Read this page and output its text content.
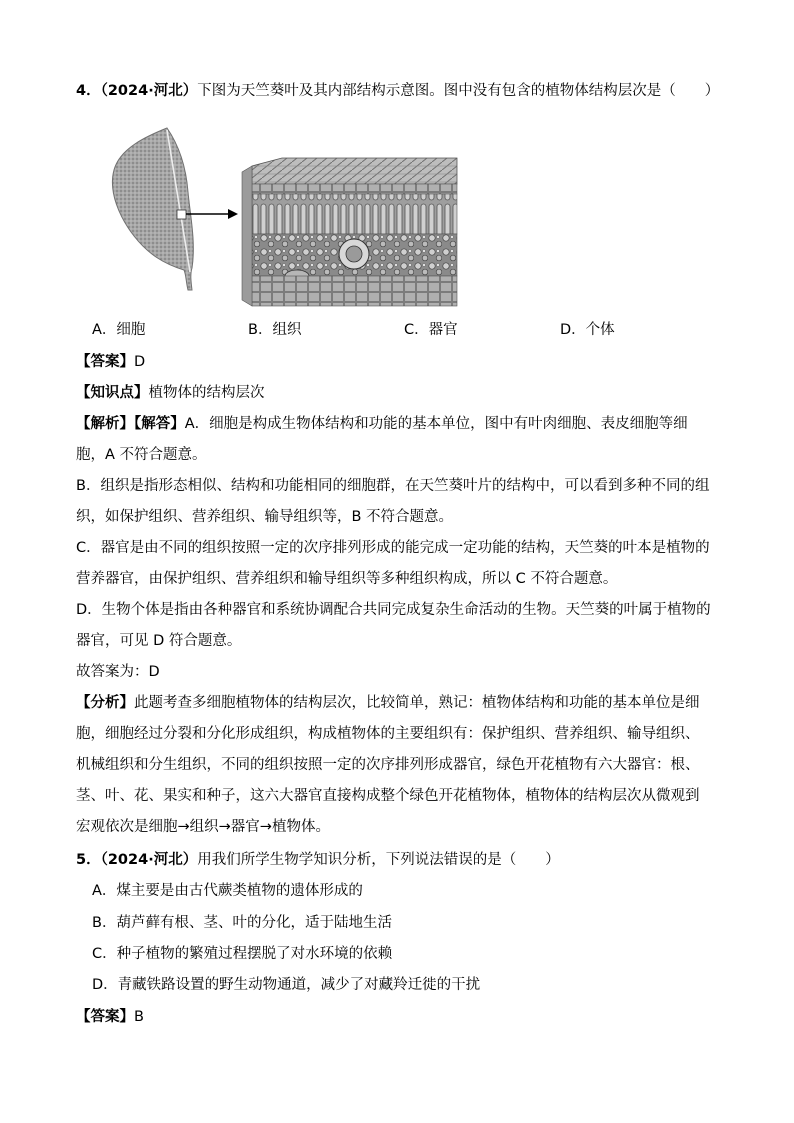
4．（2024·河北）下图为天竺葵叶及其内部结构示意图。图中没有包含的植物体结构层次是（　　）
A．细胞	B．组织	C．器官	D．个体
【答案】D
【知识点】植物体的结构层次
【解析】【解答】A．细胞是构成生物体结构和功能的基本单位，图中有叶肉细胞、表皮细胞等细
胞，A 不符合题意。
B．组织是指形态相似、结构和功能相同的细胞群，在天竺葵叶片的结构中，可以看到多种不同的组
织，如保护组织、营养组织、输导组织等，B 不符合题意。
C．器官是由不同的组织按照一定的次序排列形成的能完成一定功能的结构，天竺葵的叶本是植物的
营养器官，由保护组织、营养组织和输导组织等多种组织构成，所以 C 不符合题意。
D．生物个体是指由各种器官和系统协调配合共同完成复杂生命活动的生物。天竺葵的叶属于植物的
器官，可见 D 符合题意。
故答案为：D
【分析】此题考查多细胞植物体的结构层次，比较简单，熟记：植物体结构和功能的基本单位是细
胞，细胞经过分裂和分化形成组织，构成植物体的主要组织有：保护组织、营养组织、输导组织、
机械组织和分生组织，不同的组织按照一定的次序排列形成器官，绿色开花植物有六大器官：根、
茎、叶、花、果实和种子，这六大器官直接构成整个绿色开花植物体，植物体的结构层次从微观到
宏观依次是细胞→组织→器官→植物体。
5．（2024·河北）用我们所学生物学知识分析，下列说法错误的是（　　）
A．煤主要是由古代蕨类植物的遗体形成的
B．葫芦藓有根、茎、叶的分化，适于陆地生活
C．种子植物的繁殖过程摆脱了对水环境的依赖
D．青藏铁路设置的野生动物通道，减少了对藏羚迁徙的干扰
【答案】B
